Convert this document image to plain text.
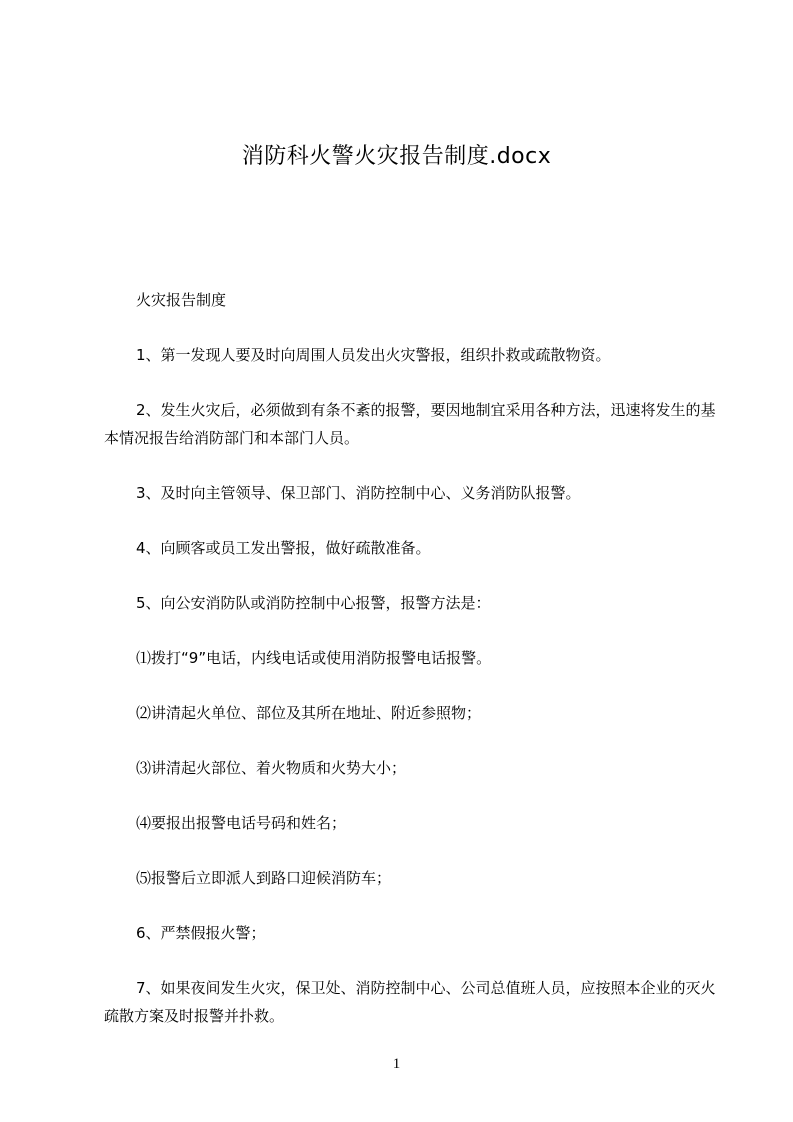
消防科火警火灾报告制度.docx

火灾报告制度

1、第一发现人要及时向周围人员发出火灾警报，组织扑救或疏散物资。

2、发生火灾后，必须做到有条不紊的报警，要因地制宜采用各种方法，迅速将发生的基本情况报告给消防部门和本部门人员。

3、及时向主管领导、保卫部门、消防控制中心、义务消防队报警。

4、向顾客或员工发出警报，做好疏散准备。

5、向公安消防队或消防控制中心报警，报警方法是：

⑴拨打“9”电话，内线电话或使用消防报警电话报警。

⑵讲清起火单位、部位及其所在地址、附近参照物；

⑶讲清起火部位、着火物质和火势大小；

⑷要报出报警电话号码和姓名；

⑸报警后立即派人到路口迎候消防车；

6、严禁假报火警；

7、如果夜间发生火灾，保卫处、消防控制中心、公司总值班人员，应按照本企业的灭火疏散方案及时报警并扑救。

1
